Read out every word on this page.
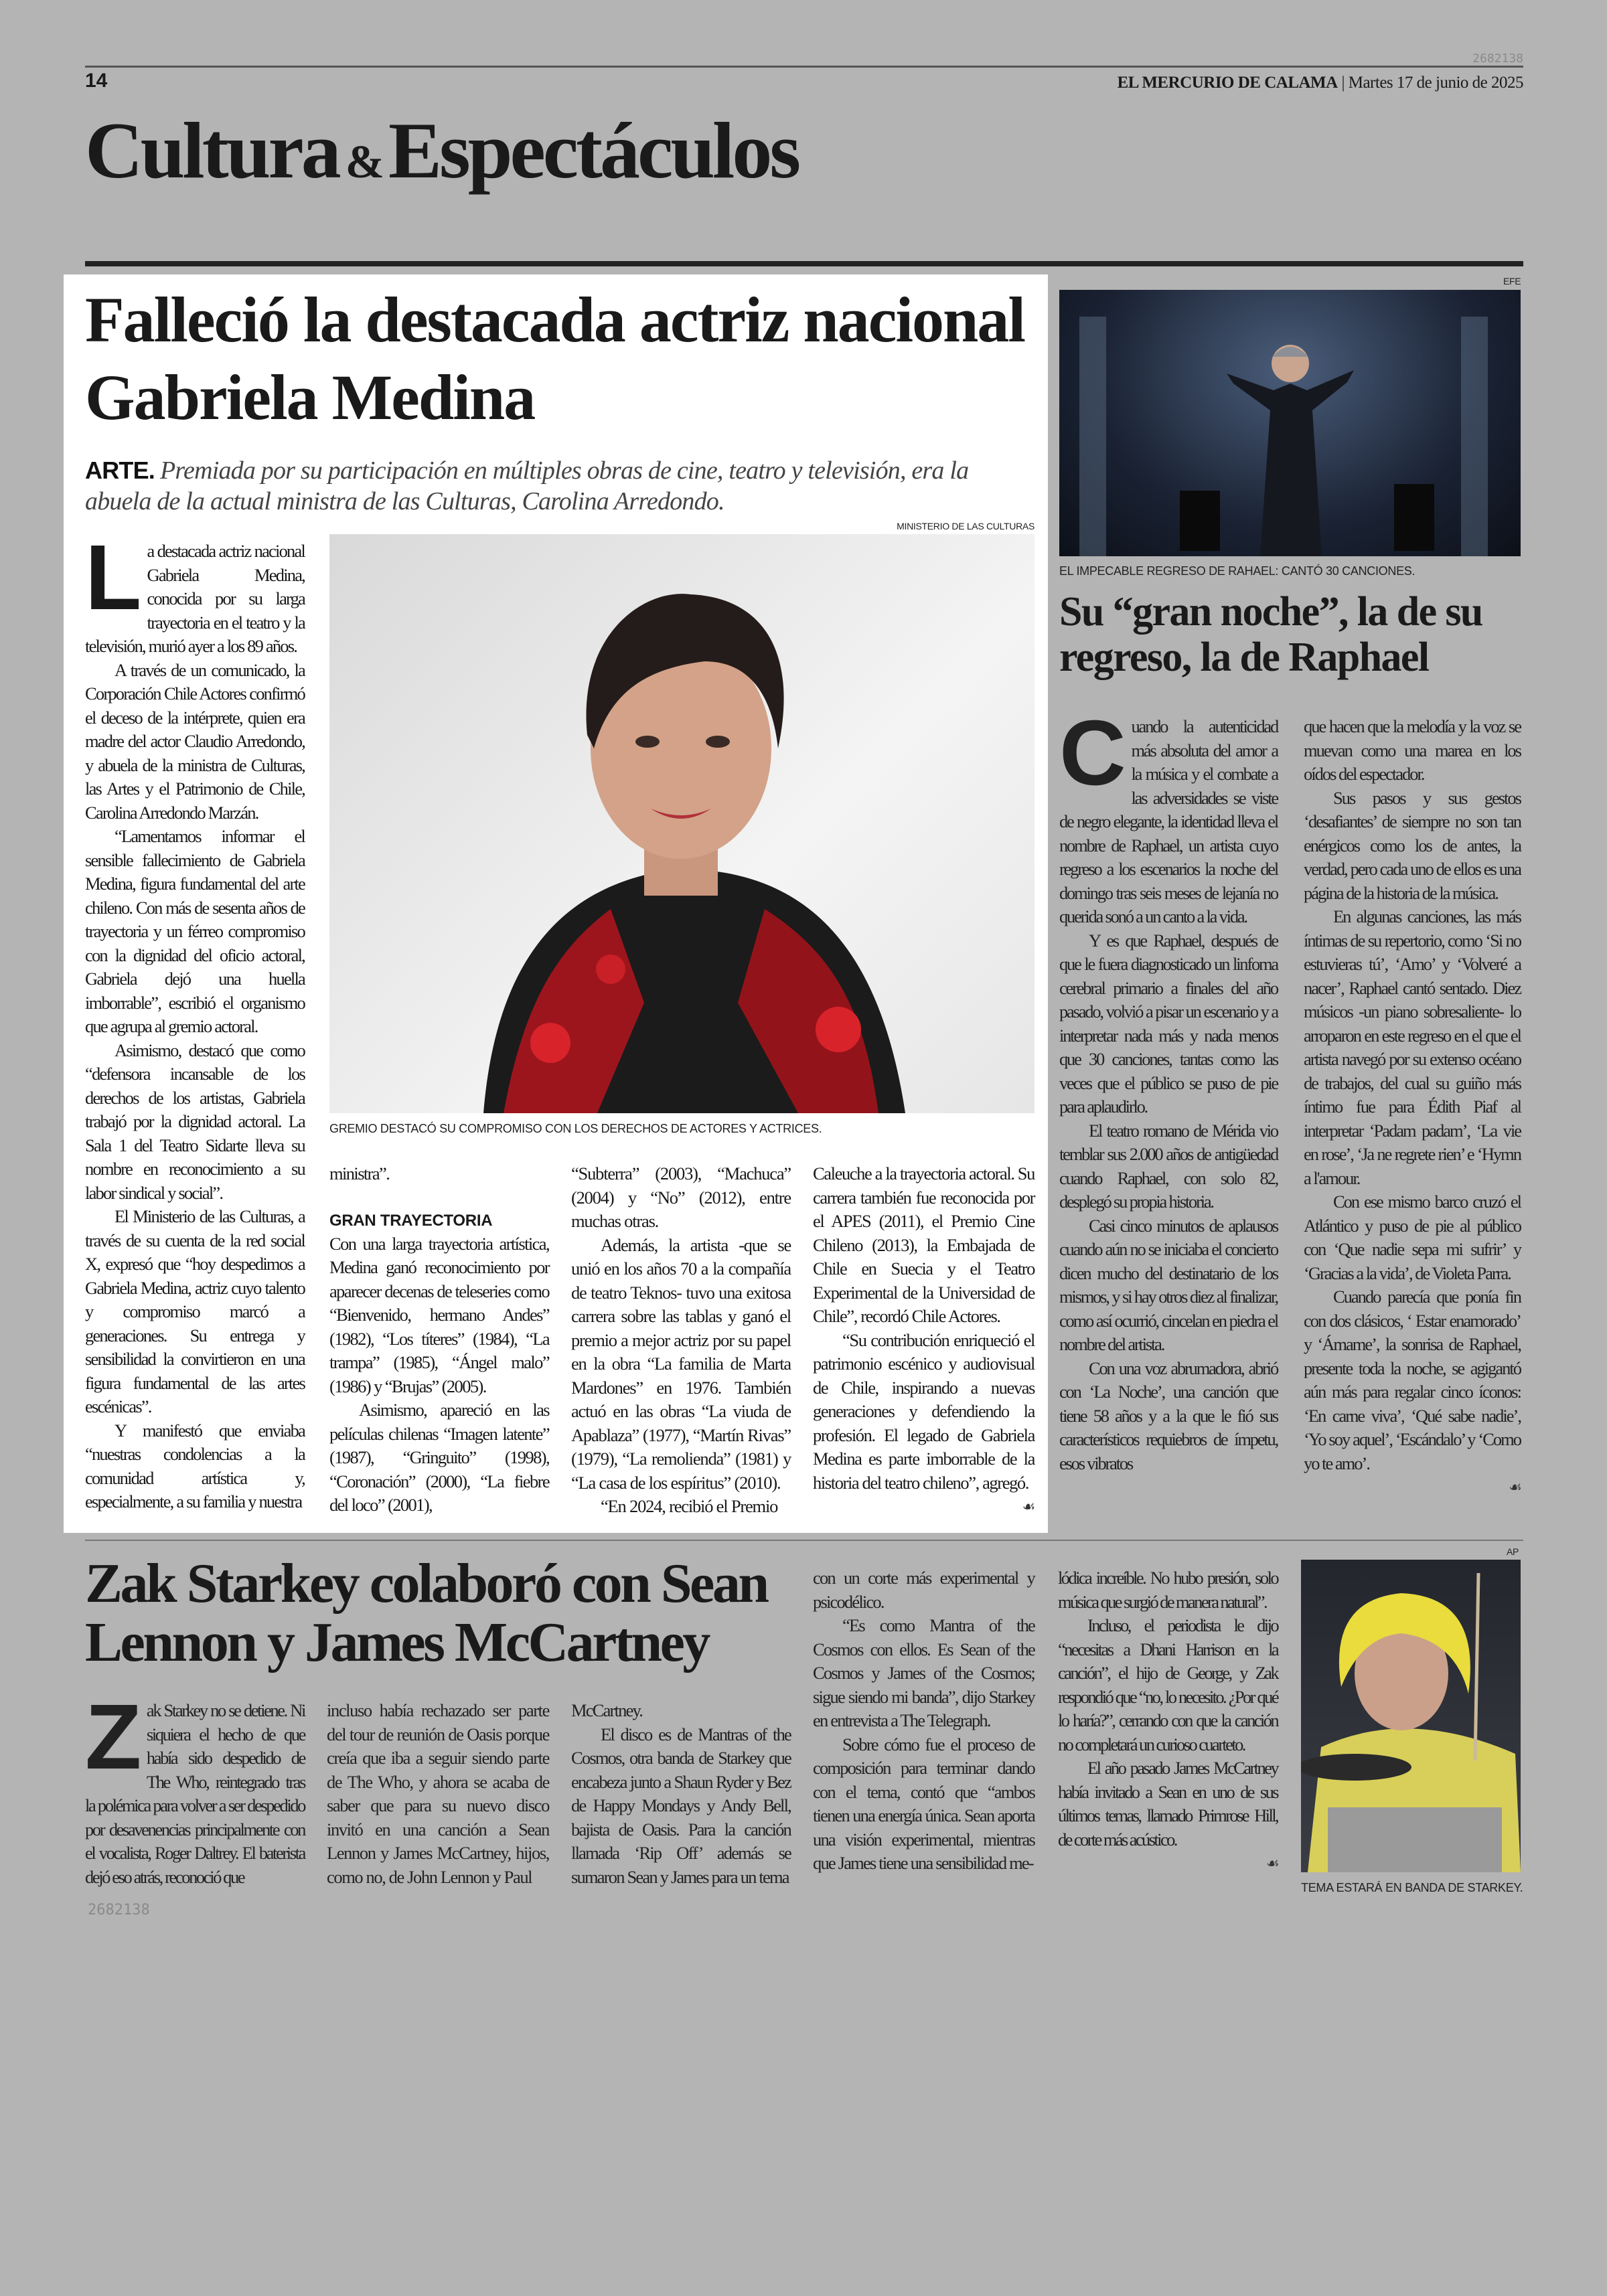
14
2682138
EL MERCURIO DE CALAMA | Martes 17 de junio de 2025
Cultura &Espectáculos
Falleció la destacada actriz nacional Gabriela Medina
ARTE. Premiada por su participación en múltiples obras de cine, teatro y televisión, era la abuela de la actual ministra de las Culturas, Carolina Arredondo.
MINISTERIO DE LAS CULTURAS
GREMIO DESTACÓ SU COMPROMISO CON LOS DERECHOS DE ACTORES Y ACTRICES.

La destacada actriz nacional Gabriela Medina, conocida por su larga trayectoria en el teatro y la televisión, murió ayer a los 89 años.

A través de un comunicado, la Corporación Chile Actores confirmó el deceso de la intérprete, quien era madre del actor Claudio Arredondo, y abuela de la ministra de Culturas, las Artes y el Patrimonio de Chile, Carolina Arredondo Marzán.

“Lamentamos informar el sensible fallecimiento de Gabriela Medina, figura fundamental del arte chileno. Con más de sesenta años de trayectoria y un férreo compromiso con la dignidad del oficio actoral, Gabriela dejó una huella imborrable”, escribió el organismo que agrupa al gremio actoral.

Asimismo, destacó que como “defensora incansable de los derechos de los artistas, Gabriela trabajó por la dignidad actoral. La Sala 1 del Teatro Sidarte lleva su nombre en reconocimiento a su labor sindical y social”.

El Ministerio de las Culturas, a través de su cuenta de la red social X, expresó que “hoy despedimos a Gabriela Medina, actriz cuyo talento y compromiso marcó a generaciones. Su entrega y sensibilidad la convirtieron en una figura fundamental de las artes escénicas”.

Y manifestó que enviaba “nuestras condolencias a la comunidad artística y, especialmente, a su familia y nuestra

ministra”.

GRAN TRAYECTORIA

Con una larga trayectoria artística, Medina ganó reconocimiento por aparecer decenas de teleseries como “Bienvenido, hermano Andes” (1982), “Los títeres” (1984), “La trampa” (1985), “Ángel malo” (1986) y “Brujas” (2005).

Asimismo, apareció en las películas chilenas “Imagen latente” (1987), “Gringuito” (1998), “Coronación” (2000), “La fiebre del loco” (2001),

“Subterra” (2003), “Machuca” (2004) y “No” (2012), entre muchas otras.

Además, la artista -que se unió en los años 70 a la compañía de teatro Teknos- tuvo una exitosa carrera sobre las tablas y ganó el premio a mejor actriz por su papel en la obra “La familia de Marta Mardones” en 1976. También actuó en las obras “La viuda de Apablaza” (1977), “Martín Rivas” (1979), “La remolienda” (1981) y “La casa de los espíritus” (2010).

“En 2024, recibió el Premio

Caleuche a la trayectoria actoral. Su carrera también fue reconocida por el APES (2011), el Premio Cine Chileno (2013), la Embajada de Chile en Suecia y el Teatro Experimental de la Universidad de Chile”, recordó Chile Actores.

“Su contribución enriqueció el patrimonio escénico y audiovisual de Chile, inspirando a nuevas generaciones y defendiendo la profesión. El legado de Gabriela Medina es parte imborrable de la historia del teatro chileno”, agregó.

☙
EFE
EL IMPECABLE REGRESO DE RAHAEL: CANTÓ 30 CANCIONES.
Su “gran noche”, la de su regreso, la de Raphael

Cuando la autenticidad más absoluta del amor a la música y el combate a las adversidades se viste de negro elegante, la identidad lleva el nombre de Raphael, un artista cuyo regreso a los escenarios la noche del domingo tras seis meses de lejanía no querida sonó a un canto a la vida.

Y es que Raphael, después de que le fuera diagnosticado un linfoma cerebral primario a finales del año pasado, volvió a pisar un escenario y a interpretar nada más y nada menos que 30 canciones, tantas como las veces que el público se puso de pie para aplaudirlo.

El teatro romano de Mérida vio temblar sus 2.000 años de antigüedad cuando Raphael, con solo 82, desplegó su propia historia.

Casi cinco minutos de aplausos cuando aún no se iniciaba el concierto dicen mucho del destinatario de los mismos, y si hay otros diez al finalizar, como así ocurrió, cincelan en piedra el nombre del artista.

Con una voz abrumadora, abrió con ‘La Noche’, una canción que tiene 58 años y a la que le fió sus característicos requiebros de ímpetu, esos vibratos

que hacen que la melodía y la voz se muevan como una marea en los oídos del espectador.

Sus pasos y sus gestos ‘desafiantes’ de siempre no son tan enérgicos como los de antes, la verdad, pero cada uno de ellos es una página de la historia de la música.

En algunas canciones, las más íntimas de su repertorio, como ‘Si no estuvieras tú’, ‘Amo’ y ‘Volveré a nacer’, Raphael cantó sentado. Diez músicos -un piano sobresaliente- lo arroparon en este regreso en el que el artista navegó por su extenso océano de trabajos, del cual su guiño más íntimo fue para Édith Piaf al interpretar ‘Padam padam’, ‘La vie en rose’, ‘Ja ne regrete rien’ e ‘Hymn a l'amour.

Con ese mismo barco cruzó el Atlántico y puso de pie al público con ‘Que nadie sepa mi sufrir’ y ‘Gracias a la vida’, de Violeta Parra.

Cuando parecía que ponía fin con dos clásicos, ‘ Estar enamorado’ y ‘Ámame’, la sonrisa de Raphael, presente toda la noche, se agigantó aún más para regalar cinco íconos: ‘En carne viva’, ‘Qué sabe nadie’, ‘Yo soy aquel’, ‘Escándalo’ y ‘Como yo te amo’.

☙
Zak Starkey colaboró con Sean Lennon y James McCartney

Zak Starkey no se detiene. Ni siquiera el hecho de que había sido despedido de The Who, reintegrado tras la polémica para volver a ser despedido por desavenencias principalmente con el vocalista, Roger Daltrey. El baterista dejó eso atrás, reconoció que

incluso había rechazado ser parte del tour de reunión de Oasis porque creía que iba a seguir siendo parte de The Who, y ahora se acaba de saber que para su nuevo disco invitó en una canción a Sean Lennon y James McCartney, hijos, como no, de John Lennon y Paul

McCartney.

El disco es de Mantras of the Cosmos, otra banda de Starkey que encabeza junto a Shaun Ryder y Bez de Happy Mondays y Andy Bell, bajista de Oasis. Para la canción llamada ‘Rip Off’ además se sumaron Sean y James para un tema

con un corte más experimental y psicodélico.

“Es como Mantra of the Cosmos con ellos. Es Sean of the Cosmos y James of the Cosmos; sigue siendo mi banda”, dijo Starkey en entrevista a The Telegraph.

Sobre cómo fue el proceso de composición para terminar dando con el tema, contó que “ambos tienen una energía única. Sean aporta una visión experimental, mientras que James tiene una sensibilidad me-

lódica increíble. No hubo presión, solo música que surgió de manera natural”.

Incluso, el periodista le dijo “necesitas a Dhani Harrison en la canción”, el hijo de George, y Zak respondió que “no, lo necesito. ¿Por qué lo haría?”, cerrando con que la canción no completará un curioso cuarteto.

El año pasado James McCartney había invitado a Sean en uno de sus últimos temas, llamado Primrose Hill, de corte más acústico.

☙
AP
TEMA ESTARÁ EN BANDA DE STARKEY.
2682138
